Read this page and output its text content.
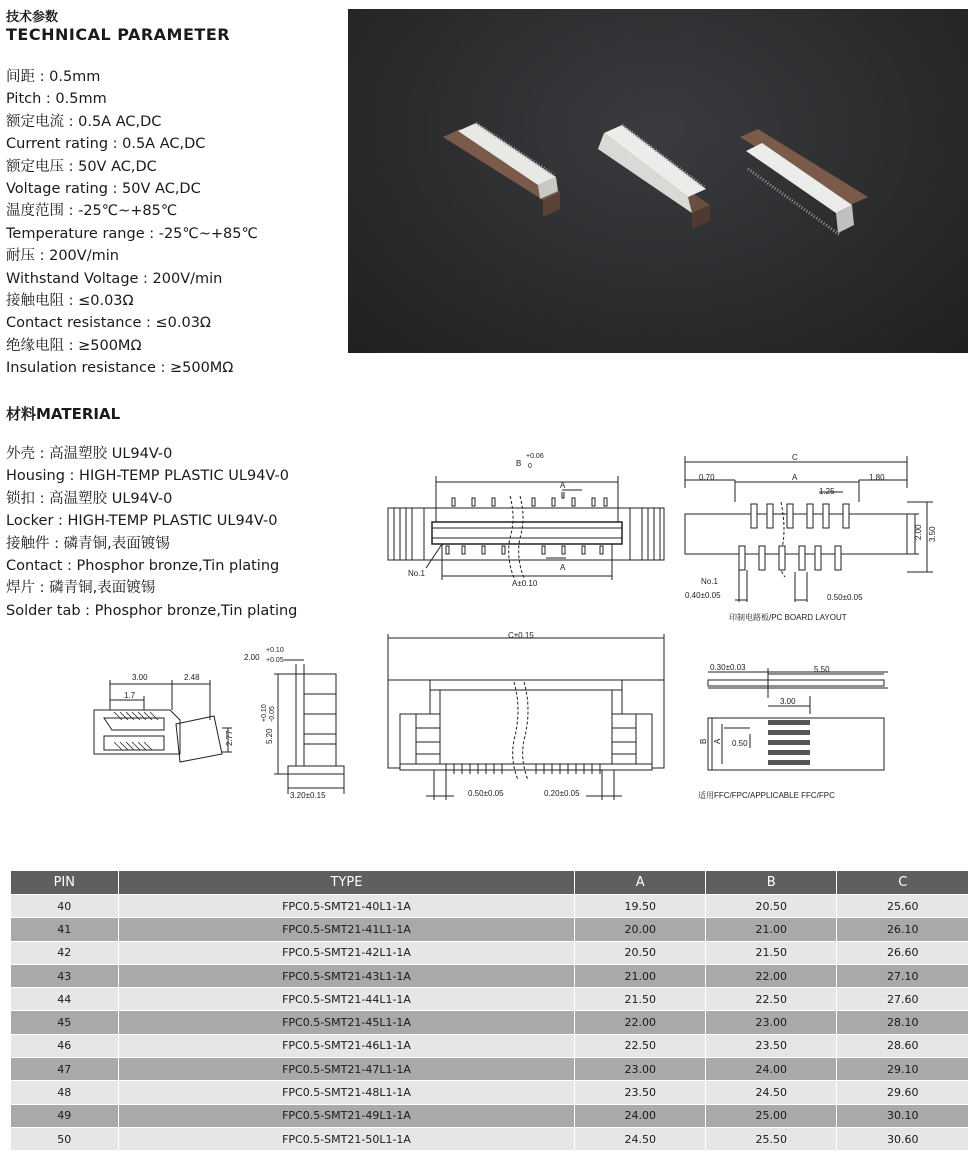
技术参数
TECHNICAL PARAMETER
间距 : 0.5mm
Pitch : 0.5mm
额定电流 : 0.5A AC,DC
Current rating : 0.5A AC,DC
额定电压 : 50V AC,DC
Voltage rating : 50V AC,DC
温度范围 : -25℃~+85℃
Temperature range : -25℃~+85℃
耐压 : 200V/min
Withstand Voltage : 200V/min
接触电阻 : ≤0.03Ω
Contact resistance : ≤0.03Ω
绝缘电阻 : ≥500MΩ
Insulation resistance : ≥500MΩ
材料MATERIAL
外壳 : 高温塑胶 UL94V-0
Housing : HIGH-TEMP PLASTIC UL94V-0
锁扣 : 高温塑胶 UL94V-0
Locker : HIGH-TEMP PLASTIC UL94V-0
接触件 : 磷青铜,表面镀锡
Contact : Phosphor bronze,Tin plating
焊片 : 磷青铜,表面镀锡
Solder tab : Phosphor bronze,Tin plating
B
+0.06
0
A
A
No.1
A±0.10
C
A
0.70	1.80
1.25
2.00 3.50
No.1
0.40±0.05	0.50±0.05
印制电路板/PC BOARD LAYOUT
3.00	2.48
1.7
2.77
2.00
+0.10
+0.05
5.20
+0.10 -0.05
3.20±0.15
C±0.15
0.50±0.05	0.20±0.05
0.30±0.03	5.50
3.00
B A 0.50
适用FFC/FPC/APPLICABLE FFC/FPC
PIN	TYPE	A	B	C
40	FPC0.5-SMT21-40L1-1A	19.50	20.50	25.60
41	FPC0.5-SMT21-41L1-1A	20.00	21.00	26.10
42	FPC0.5-SMT21-42L1-1A	20.50	21.50	26.60
43	FPC0.5-SMT21-43L1-1A	21.00	22.00	27.10
44	FPC0.5-SMT21-44L1-1A	21.50	22.50	27.60
45	FPC0.5-SMT21-45L1-1A	22.00	23.00	28.10
46	FPC0.5-SMT21-46L1-1A	22.50	23.50	28.60
47	FPC0.5-SMT21-47L1-1A	23.00	24.00	29.10
48	FPC0.5-SMT21-48L1-1A	23.50	24.50	29.60
49	FPC0.5-SMT21-49L1-1A	24.00	25.00	30.10
50	FPC0.5-SMT21-50L1-1A	24.50	25.50	30.60
